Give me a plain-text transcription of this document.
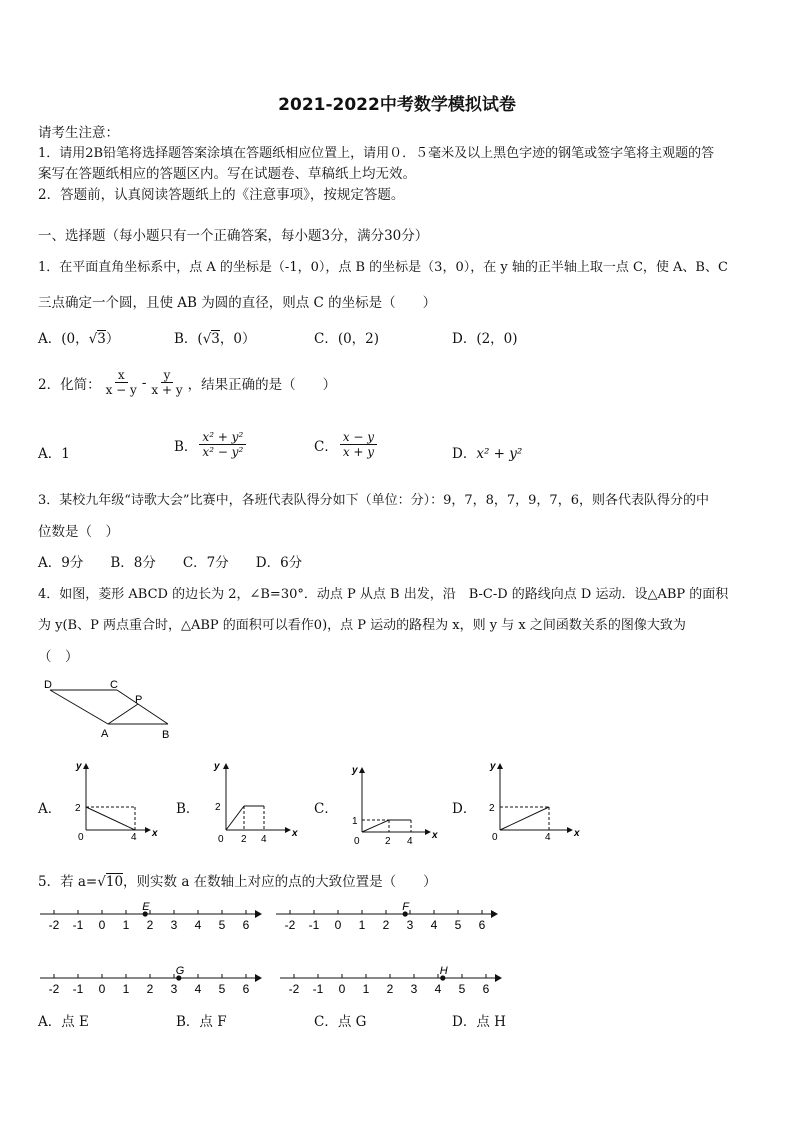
2021-2022中考数学模拟试卷
请考生注意：
1．请用2B铅笔将选择题答案涂填在答题纸相应位置上，请用０．５毫米及以上黑色字迹的钢笔或签字笔将主观题的答
案写在答题纸相应的答题区内。写在试题卷、草稿纸上均无效。
2．答题前，认真阅读答题纸上的《注意事项》，按规定答题。
一、选择题（每小题只有一个正确答案，每小题3分，满分30分）
1．在平面直角坐标系中，点 A 的坐标是（-1，0），点 B 的坐标是（3，0），在 y 轴的正半轴上取一点 C，使 A、B、C
三点确定一个圆，且使 AB 为圆的直径，则点 C 的坐标是（　　）
A．(0，√3）	B．(√3，0）	C．(0，2)	D．(2，0)
2．化简： $\frac{x}{x - y} - \frac{y}{x + y}$ ，结果正确的是（　　）
A．1	B． $\frac{\text{x² + y²}}{\text{x² − y²}}$	C． $\frac{x - y}{x + y}$	D．x² + y²
3．某校九年级“诗歌大会”比赛中，各班代表队得分如下（单位：分）：9，7，8，7，9，7，6，则各代表队得分的中
位数是（　）
A．9分　　B．8分　　C．7分　　D．6分
4．如图，菱形 ABCD 的边长为 2，∠B=30°．动点 P 从点 B 出发，沿　B-C-D 的路线向点 D 运动．设△ABP 的面积
为 y(B、P 两点重合时，△ABP 的面积可以看作0)，点 P 运动的路程为 x，则 y 与 x 之间函数关系的图像大致为
（　）
D	C
P
A	B
A．	B．	C．	D．
y
x
0
2
4
y
x
0
2
2 4
y
x
0
1
2 4
y
x
0
2
4
5．若 a=√10，则实数 a 在数轴上对应的点的大致位置是（　　）
-2 -1 0 1 2 3 4 5 6
E
-2 -1 0 1 2 3 4 5 6
F
-2 -1 0 1 2 3 4 5 6
G
-2 -1 0 1 2 3 4 5 6
H
A．点 E	B．点 F	C．点 G	D．点 H
